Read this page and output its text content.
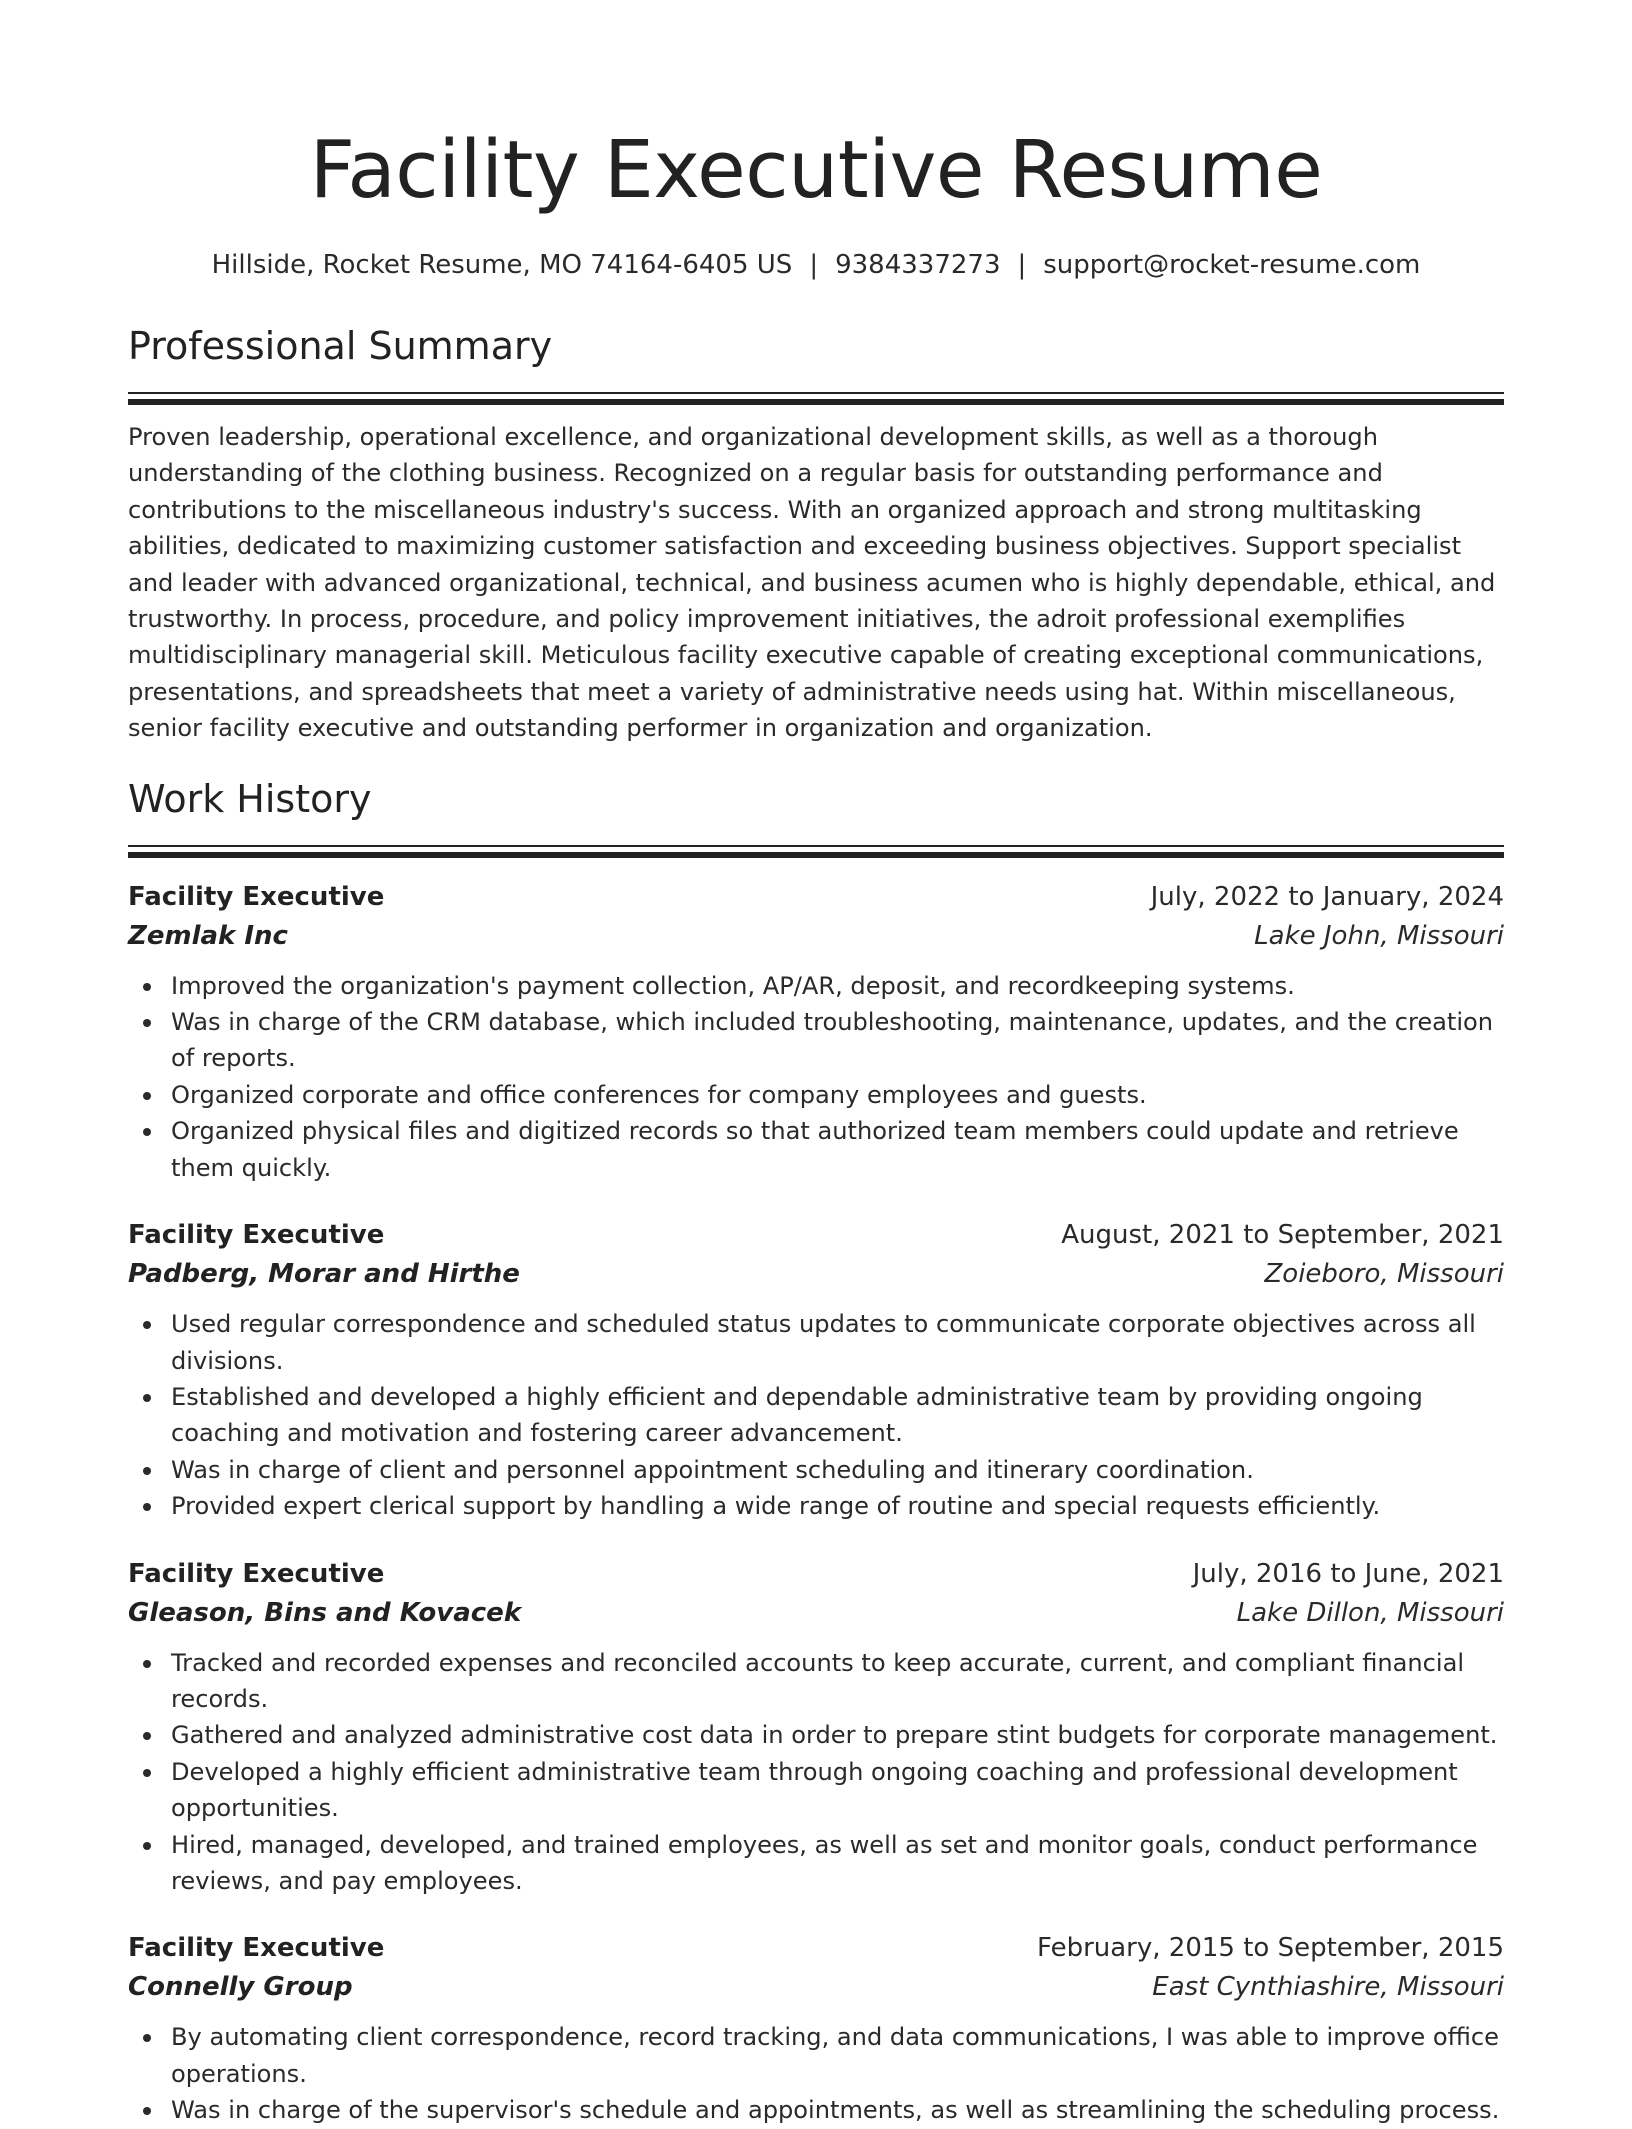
Facility Executive Resume
Hillside, Rocket Resume, MO 74164-6405 US | 9384337273 | support@rocket-resume.com
Professional Summary

Proven leadership, operational excellence, and organizational development skills, as well as a thorough understanding of the clothing business. Recognized on a regular basis for outstanding performance and contributions to the miscellaneous industry's success. With an organized approach and strong multitasking abilities, dedicated to maximizing customer satisfaction and exceeding business objectives. Support specialist and leader with advanced organizational, technical, and business acumen who is highly dependable, ethical, and trustworthy. In process, procedure, and policy improvement initiatives, the adroit professional exemplifies multidisciplinary managerial skill. Meticulous facility executive capable of creating exceptional communications, presentations, and spreadsheets that meet a variety of administrative needs using hat. Within miscellaneous, senior facility executive and outstanding performer in organization and organization.

Work History
Facility Executive	July, 2022 to January, 2024
Zemlak Inc	Lake John, Missouri
Improved the organization's payment collection, AP/AR, deposit, and recordkeeping systems.
Was in charge of the CRM database, which included troubleshooting, maintenance, updates, and the creation of reports.
Organized corporate and office conferences for company employees and guests.
Organized physical files and digitized records so that authorized team members could update and retrieve them quickly.
Facility Executive	August, 2021 to September, 2021
Padberg, Morar and Hirthe	Zoieboro, Missouri
Used regular correspondence and scheduled status updates to communicate corporate objectives across all divisions.
Established and developed a highly efficient and dependable administrative team by providing ongoing coaching and motivation and fostering career advancement.
Was in charge of client and personnel appointment scheduling and itinerary coordination.
Provided expert clerical support by handling a wide range of routine and special requests efficiently.
Facility Executive	July, 2016 to June, 2021
Gleason, Bins and Kovacek	Lake Dillon, Missouri
Tracked and recorded expenses and reconciled accounts to keep accurate, current, and compliant financial records.
Gathered and analyzed administrative cost data in order to prepare stint budgets for corporate management.
Developed a highly efficient administrative team through ongoing coaching and professional development opportunities.
Hired, managed, developed, and trained employees, as well as set and monitor goals, conduct performance reviews, and pay employees.
Facility Executive	February, 2015 to September, 2015
Connelly Group	East Cynthiashire, Missouri
By automating client correspondence, record tracking, and data communications, I was able to improve office operations.
Was in charge of the supervisor's schedule and appointments, as well as streamlining the scheduling process.
